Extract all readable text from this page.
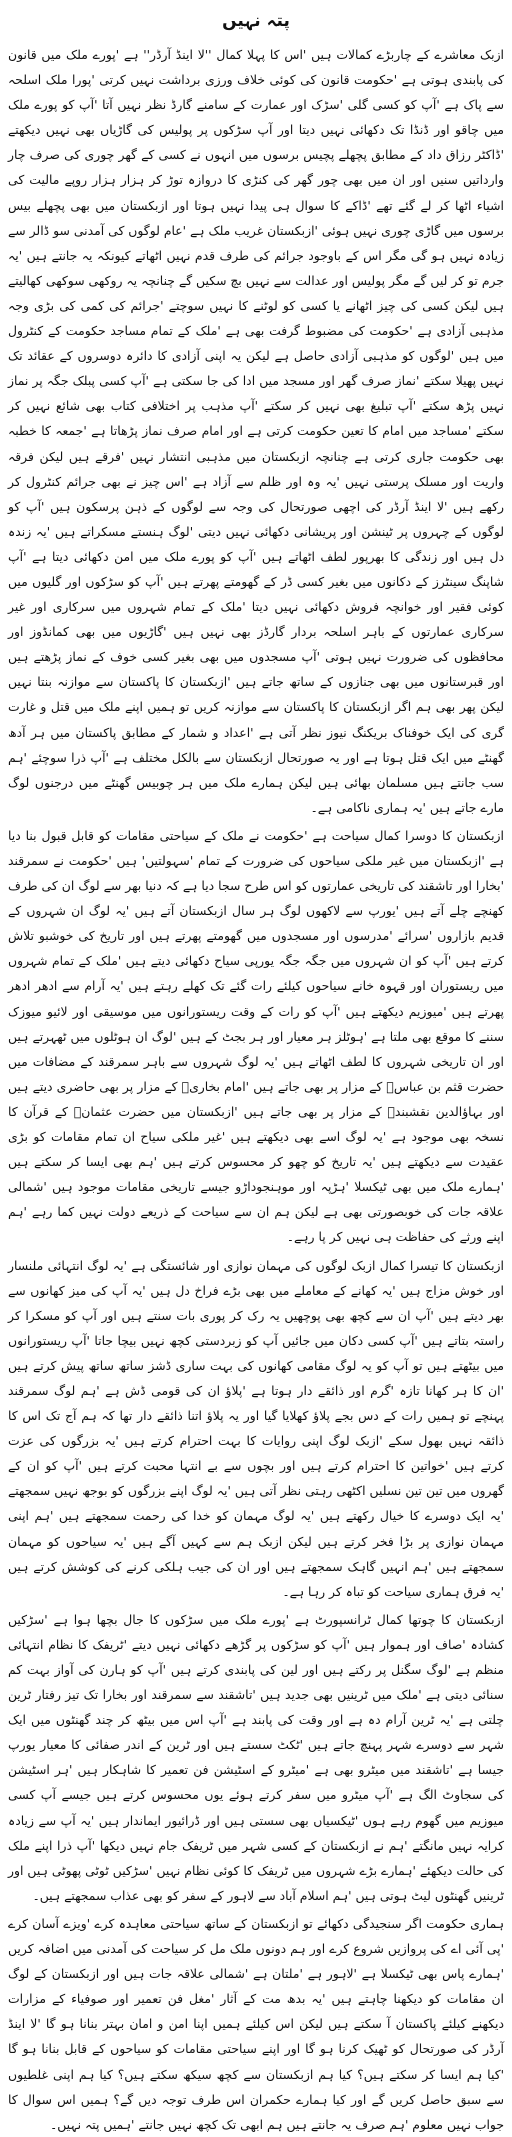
پتہ نہیں

ازبک معاشرے کے چاربڑے کمالات ہیں 'اس کا پہلا کمال ''لا اینڈ آرڈر'' ہے 'پورے ملک میں قانون کی پابندی ہوتی ہے 'حکومت قانون کی کوئی خلاف ورزی برداشت نہیں کرتی 'پورا ملک اسلحہ سے پاک ہے 'آپ کو کسی گلی 'سڑک اور عمارت کے سامنے گارڈ نظر نہیں آتا 'آپ کو پورے ملک میں چاقو اور ڈنڈا تک دکھائی نہیں دیتا اور آپ سڑکوں پر پولیس کی گاڑیاں بھی نہیں دیکھتے 'ڈاکٹر رزاق داد کے مطابق پچھلے پچیس برسوں میں انہوں نے کسی کے گھر چوری کی صرف چار وارداتیں سنیں اور ان میں بھی چور گھر کی کنڑی کا دروازہ توڑ کر ہزار ہزار روپے مالیت کی اشیاء اٹھا کر لے گئے تھے 'ڈاکے کا سوال ہی پیدا نہیں ہوتا اور ازبکستان میں بھی پچھلے بیس برسوں میں گاڑی چوری نہیں ہوئی 'ازبکستان غریب ملک ہے 'عام لوگوں کی آمدنی سو ڈالر سے زیادہ نہیں ہو گی مگر اس کے باوجود جرائم کی طرف قدم نہیں اٹھاتے کیونکہ یہ جانتے ہیں 'یہ جرم تو کر لیں گے مگر پولیس اور عدالت سے نہیں بچ سکیں گے چنانچہ یہ روکھی سوکھی کھالیتے ہیں لیکن کسی کی چیز اٹھانے یا کسی کو لوٹنے کا نہیں سوچتے 'جرائم کی کمی کی بڑی وجہ مذہبی آزادی ہے 'حکومت کی مضبوط گرفت بھی ہے 'ملک کے تمام مساجد حکومت کے کنٹرول میں ہیں 'لوگوں کو مذہبی آزادی حاصل ہے لیکن یہ اپنی آزادی کا دائرہ دوسروں کے عقائد تک نہیں پھیلا سکتے 'نماز صرف گھر اور مسجد میں ادا کی جا سکتی ہے 'آپ کسی پبلک جگہ پر نماز نہیں پڑھ سکتے 'آپ تبلیغ بھی نہیں کر سکتے 'آپ مذہب پر اختلافی کتاب بھی شائع نہیں کر سکتے 'مساجد میں امام کا تعین حکومت کرتی ہے اور امام صرف نماز پڑھاتا ہے 'جمعہ کا خطبہ بھی حکومت جاری کرتی ہے چنانچہ ازبکستان میں مذہبی انتشار نہیں 'فرقے ہیں لیکن فرقہ واریت اور مسلک پرستی نہیں 'یہ وہ اور ظلم سے آزاد ہے 'اس چیز نے بھی جرائم کنٹرول کر رکھے ہیں 'لا اینڈ آرڈر کی اچھی صورتحال کی وجہ سے لوگوں کے ذہن پرسکون ہیں 'آپ کو لوگوں کے چہروں پر ٹینشن اور پریشانی دکھائی نہیں دیتی 'لوگ ہنستے مسکراتے ہیں 'یہ زندہ دل ہیں اور زندگی کا بھرپور لطف اٹھاتے ہیں 'آپ کو پورے ملک میں امن دکھائی دیتا ہے 'آپ شاپنگ سینٹرز کے دکانوں میں بغیر کسی ڈر کے گھومتے پھرتے ہیں 'آپ کو سڑکوں اور گلیوں میں کوئی فقیر اور خوانچہ فروش دکھائی نہیں دیتا 'ملک کے تمام شہروں میں سرکاری اور غیر سرکاری عمارتوں کے باہر اسلحہ بردار گارڈز بھی نہیں ہیں 'گاڑیوں میں بھی کمانڈوز اور محافظوں کی ضرورت نہیں ہوتی 'آپ مسجدوں میں بھی بغیر کسی خوف کے نماز پڑھتے ہیں اور قبرستانوں میں بھی جنازوں کے ساتھ جاتے ہیں 'ازبکستان کا پاکستان سے موازنہ بنتا نہیں لیکن پھر بھی ہم اگر ازبکستان کا پاکستان سے موازنہ کریں تو ہمیں اپنے ملک میں قتل و غارت گری کی ایک خوفناک بریکنگ نیوز نظر آتی ہے 'اعداد و شمار کے مطابق پاکستان میں ہر آدھ گھنٹے میں ایک قتل ہوتا ہے اور یہ صورتحال ازبکستان سے بالکل مختلف ہے 'آپ ذرا سوچئے 'ہم سب جانتے ہیں مسلمان بھائی ہیں لیکن ہمارے ملک میں ہر چوبیس گھنٹے میں درجنوں لوگ مارے جاتے ہیں 'یہ ہماری ناکامی ہے۔

ازبکستان کا دوسرا کمال سیاحت ہے 'حکومت نے ملک کے سیاحتی مقامات کو قابل قبول بنا دیا ہے 'ازبکستان میں غیر ملکی سیاحوں کی ضرورت کے تمام 'سہولتیں' ہیں 'حکومت نے سمرقند 'بخارا اور تاشقند کی تاریخی عمارتوں کو اس طرح سجا دیا ہے کہ دنیا بھر سے لوگ ان کی طرف کھنچے چلے آتے ہیں 'یورپ سے لاکھوں لوگ ہر سال ازبکستان آتے ہیں 'یہ لوگ ان شہروں کے قدیم بازاروں 'سرائے 'مدرسوں اور مسجدوں میں گھومتے پھرتے ہیں اور تاریخ کی خوشبو تلاش کرتے ہیں 'آپ کو ان شہروں میں جگہ جگہ یورپی سیاح دکھائی دیتے ہیں 'ملک کے تمام شہروں میں ریستوران اور قہوہ خانے سیاحوں کیلئے رات گئے تک کھلے رہتے ہیں 'یہ آرام سے ادھر ادھر پھرتے ہیں 'میوزیم دیکھتے ہیں 'آپ کو رات کے وقت ریستورانوں میں موسیقی اور لائیو میوزک سننے کا موقع بھی ملتا ہے 'ہوٹلز ہر معیار اور ہر بجٹ کے ہیں 'لوگ ان ہوٹلوں میں ٹھہرتے ہیں اور ان تاریخی شہروں کا لطف اٹھاتے ہیں 'یہ لوگ شہروں سے باہر سمرقند کے مضافات میں حضرت قثم بن عباسؓ کے مزار پر بھی جاتے ہیں 'امام بخاریؒ کے مزار پر بھی حاضری دیتے ہیں اور بہاؤالدین نقشبندؒ کے مزار پر بھی جاتے ہیں 'ازبکستان میں حضرت عثمانؓ کے قرآن کا نسخہ بھی موجود ہے 'یہ لوگ اسے بھی دیکھتے ہیں 'غیر ملکی سیاح ان تمام مقامات کو بڑی عقیدت سے دیکھتے ہیں 'یہ تاریخ کو چھو کر محسوس کرتے ہیں 'ہم بھی ایسا کر سکتے ہیں 'ہمارے ملک میں بھی ٹیکسلا 'ہڑپہ اور موہنجوداڑو جیسے تاریخی مقامات موجود ہیں 'شمالی علاقہ جات کی خوبصورتی بھی ہے لیکن ہم ان سے سیاحت کے ذریعے دولت نہیں کما رہے 'ہم اپنے ورثے کی حفاظت ہی نہیں کر پا رہے۔

ازبکستان کا تیسرا کمال ازبک لوگوں کی مہمان نوازی اور شائستگی ہے 'یہ لوگ انتہائی ملنسار اور خوش مزاج ہیں 'یہ کھانے کے معاملے میں بھی بڑے فراخ دل ہیں 'یہ آپ کی میز کھانوں سے بھر دیتے ہیں 'آپ ان سے کچھ بھی پوچھیں یہ رک کر پوری بات سنتے ہیں اور آپ کو مسکرا کر راستہ بتاتے ہیں 'آپ کسی دکان میں جائیں آپ کو زبردستی کچھ نہیں بیچا جاتا 'آپ ریستورانوں میں بیٹھتے ہیں تو آپ کو یہ لوگ مقامی کھانوں کی بہت ساری ڈشز ساتھ ساتھ پیش کرتے ہیں 'ان کا ہر کھانا تازہ 'گرم اور ذائقے دار ہوتا ہے 'پلاؤ ان کی قومی ڈش ہے 'ہم لوگ سمرقند پہنچے تو ہمیں رات کے دس بجے پلاؤ کھلایا گیا اور یہ پلاؤ اتنا ذائقے دار تھا کہ ہم آج تک اس کا ذائقہ نہیں بھول سکے 'ازبک لوگ اپنی روایات کا بہت احترام کرتے ہیں 'یہ بزرگوں کی عزت کرتے ہیں 'خواتین کا احترام کرتے ہیں اور بچوں سے بے انتہا محبت کرتے ہیں 'آپ کو ان کے گھروں میں تین تین نسلیں اکٹھی رہتی نظر آتی ہیں 'یہ لوگ اپنے بزرگوں کو بوجھ نہیں سمجھتے 'یہ ایک دوسرے کا خیال رکھتے ہیں 'یہ لوگ مہمان کو خدا کی رحمت سمجھتے ہیں 'ہم اپنی مہمان نوازی پر بڑا فخر کرتے ہیں لیکن ازبک ہم سے کہیں آگے ہیں 'یہ سیاحوں کو مہمان سمجھتے ہیں 'ہم انہیں گاہک سمجھتے ہیں اور ان کی جیب ہلکی کرنے کی کوشش کرتے ہیں 'یہ فرق ہماری سیاحت کو تباہ کر رہا ہے۔

ازبکستان کا چوتھا کمال ٹرانسپورٹ ہے 'پورے ملک میں سڑکوں کا جال بچھا ہوا ہے 'سڑکیں کشادہ 'صاف اور ہموار ہیں 'آپ کو سڑکوں پر گڑھے دکھائی نہیں دیتے 'ٹریفک کا نظام انتہائی منظم ہے 'لوگ سگنل پر رکتے ہیں اور لین کی پابندی کرتے ہیں 'آپ کو ہارن کی آواز بہت کم سنائی دیتی ہے 'ملک میں ٹرینیں بھی جدید ہیں 'تاشقند سے سمرقند اور بخارا تک تیز رفتار ٹرین چلتی ہے 'یہ ٹرین آرام دہ ہے اور وقت کی پابند ہے 'آپ اس میں بیٹھ کر چند گھنٹوں میں ایک شہر سے دوسرے شہر پہنچ جاتے ہیں 'ٹکٹ سستے ہیں اور ٹرین کے اندر صفائی کا معیار یورپ جیسا ہے 'تاشقند میں میٹرو بھی ہے 'میٹرو کے اسٹیشن فن تعمیر کا شاہکار ہیں 'ہر اسٹیشن کی سجاوٹ الگ ہے 'آپ میٹرو میں سفر کرتے ہوئے یوں محسوس کرتے ہیں جیسے آپ کسی میوزیم میں گھوم رہے ہوں 'ٹیکسیاں بھی سستی ہیں اور ڈرائیور ایماندار ہیں 'یہ آپ سے زیادہ کرایہ نہیں مانگتے 'ہم نے ازبکستان کے کسی شہر میں ٹریفک جام نہیں دیکھا 'آپ ذرا اپنے ملک کی حالت دیکھئے 'ہمارے بڑے شہروں میں ٹریفک کا کوئی نظام نہیں 'سڑکیں ٹوٹی پھوٹی ہیں اور ٹرینیں گھنٹوں لیٹ ہوتی ہیں 'ہم اسلام آباد سے لاہور کے سفر کو بھی عذاب سمجھتے ہیں۔

ہماری حکومت اگر سنجیدگی دکھائے تو ازبکستان کے ساتھ سیاحتی معاہدہ کرے 'ویزے آسان کرے 'پی آئی اے کی پروازیں شروع کرے اور ہم دونوں ملک مل کر سیاحت کی آمدنی میں اضافہ کریں 'ہمارے پاس بھی ٹیکسلا ہے 'لاہور ہے 'ملتان ہے 'شمالی علاقہ جات ہیں اور ازبکستان کے لوگ ان مقامات کو دیکھنا چاہتے ہیں 'یہ بدھ مت کے آثار 'مغل فن تعمیر اور صوفیاء کے مزارات دیکھنے کیلئے پاکستان آ سکتے ہیں لیکن اس کیلئے ہمیں اپنا امن و امان بہتر بنانا ہو گا 'لا اینڈ آرڈر کی صورتحال کو ٹھیک کرنا ہو گا اور اپنے سیاحتی مقامات کو سیاحوں کے قابل بنانا ہو گا 'کیا ہم ایسا کر سکتے ہیں؟ کیا ہم ازبکستان سے کچھ سیکھ سکتے ہیں؟ کیا ہم اپنی غلطیوں سے سبق حاصل کریں گے اور کیا ہمارے حکمران اس طرف توجہ دیں گے؟ ہمیں اس سوال کا جواب نہیں معلوم 'ہم صرف یہ جانتے ہیں ہم ابھی تک کچھ نہیں جانتے 'ہمیں پتہ نہیں۔
